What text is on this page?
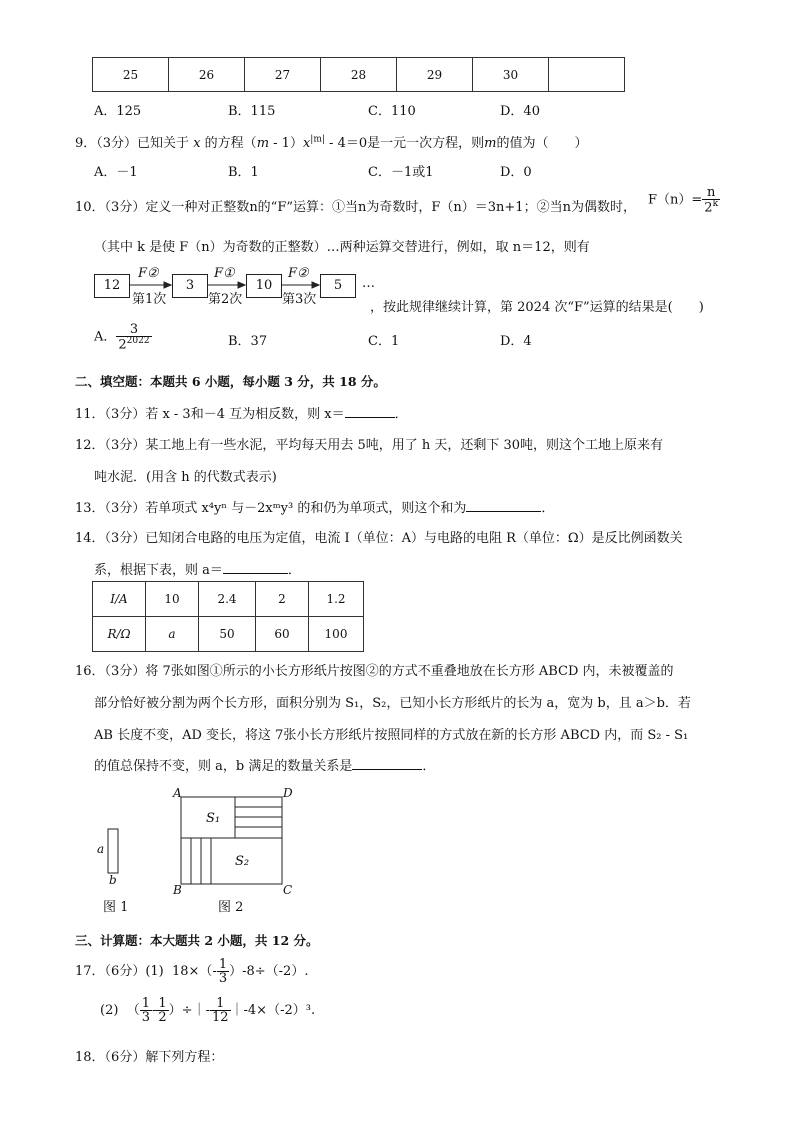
25	26	27	28	29	30	
A．125	B．115	C．110	D．40
9．（3分）已知关于 x 的方程$(m - 1)x^{|m|} - 4=0$是一元一次方程，则m的值为（　　）
A．－1	B．1	C．－1或1	D．0
10．（3分）定义一种对正整数n的“F”运算：①当n为奇数时，F（n）＝3n+1；②当n为偶数时， $F(n)= \frac{n}{2^k}$
（其中 k 是使 F（n）为奇数的正整数）…两种运算交替进行，例如，取 n＝12，则有
12	3	10	5
F②	F①	F②
第1次	第2次	第3次
…
，按此规律继续计算，第 2024 次“F”运算的结果是(　　)
A． $\frac{3}{2^{2022}}$	B．37	C．1	D．4
二、填空题：本题共 6 小题，每小题 3 分，共 18 分。
11．（3分）若 x - 3和－4 互为相反数，则 x＝	．
12．（3分）某工地上有一些水泥，平均每天用去 5吨，用了 h 天，还剩下 30吨，则这个工地上原来有
吨水泥．(用含 h 的代数式表示)
13．（3分）若单项式 x⁴yⁿ 与－2xᵐy³ 的和仍为单项式，则这个和为	．
14．（3分）已知闭合电路的电压为定值，电流 I（单位：A）与电路的电阻 R（单位：Ω）是反比例函数关
系，根据下表，则 a＝	．
I/A	10	2.4	2	1.2
R/Ω	a	50	60	100
16．（3分）将 7张如图①所示的小长方形纸片按图②的方式不重叠地放在长方形 ABCD 内，未被覆盖的
部分恰好被分割为两个长方形，面积分别为 S₁，S₂，已知小长方形纸片的长为 a，宽为 b，且 a＞b．若
AB 长度不变，AD 变长，将这 7张小长方形纸片按照同样的方式放在新的长方形 ABCD 内，而 S₂ - S₁
的值总保持不变，则 a，b 满足的数量关系是	．
a
b
图 1
A	D
B	C
S₁
S₂
图 2
三、计算题：本大题共 2 小题，共 12 分。
17．（6分）(1) $18\times(- \frac{1}{3} )-8\div(-2)$.
(2) （ $\frac{1}{3} - \frac{1}{2}$ ）÷｜- $\frac{1}{12}$ ｜-4×（-2）³.
18．（6分）解下列方程：
